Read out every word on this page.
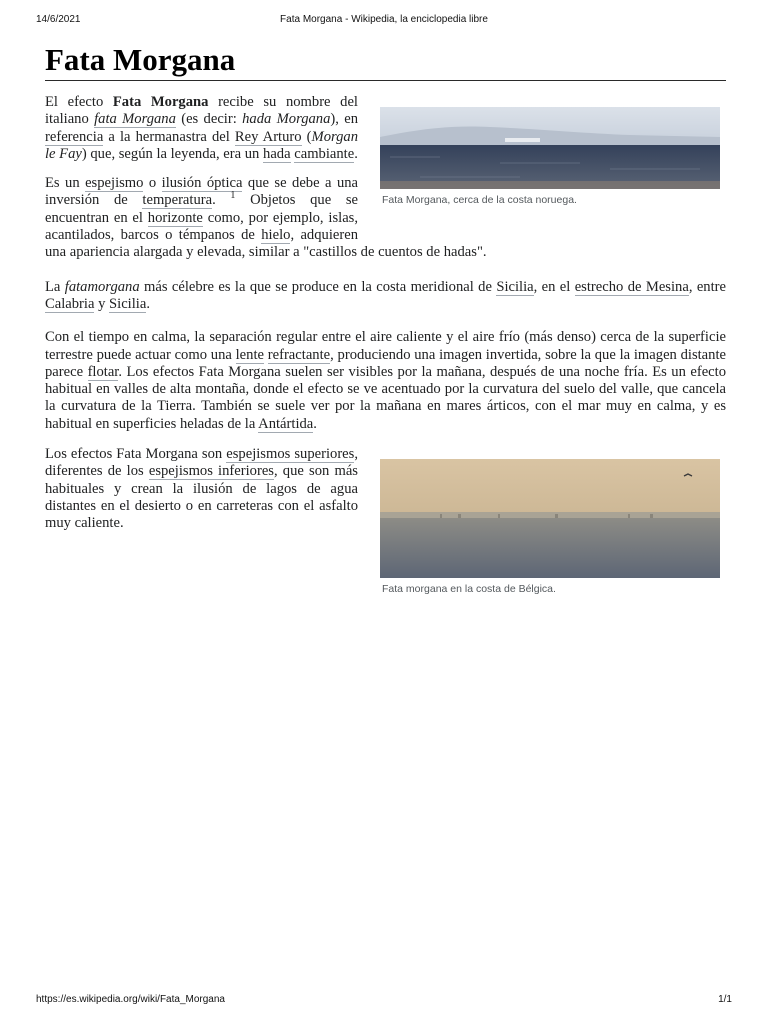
14/6/2021	Fata Morgana - Wikipedia, la enciclopedia libre
Fata Morgana
Fata Morgana, cerca de la costa noruega.

El efecto Fata Morgana recibe su nombre del italiano fata Morgana (es decir: hada Morgana), en referencia a la hermanastra del Rey Arturo (Morgan le Fay) que, según la leyenda, era un hada cambiante.

Es un espejismo o ilusión óptica que se debe a una inversión de temperatura. $^1$ Objetos que se encuentran en el horizonte como, por ejemplo, islas, acantilados, barcos o témpanos de hielo, adquieren una apariencia alargada y elevada, similar a "castillos de cuentos de hadas".

La fatamorgana más célebre es la que se produce en la costa meridional de Sicilia, en el estrecho de Mesina, entre Calabria y Sicilia.

Con el tiempo en calma, la separación regular entre el aire caliente y el aire frío (más denso) cerca de la superficie terrestre puede actuar como una lente refractante, produciendo una imagen invertida, sobre la que la imagen distante parece flotar. Los efectos Fata Morgana suelen ser visibles por la mañana, después de una noche fría. Es un efecto habitual en valles de alta montaña, donde el efecto se ve acentuado por la curvatura del suelo del valle, que cancela la curvatura de la Tierra. También se suele ver por la mañana en mares árticos, con el mar muy en calma, y es habitual en superficies heladas de la Antártida.

Fata morgana en la costa de Bélgica.

Los efectos Fata Morgana son espejismos superiores, diferentes de los espejismos inferiores, que son más habituales y crean la ilusión de lagos de agua distantes en el desierto o en carreteras con el asfalto muy caliente.

https://es.wikipedia.org/wiki/Fata_Morgana	1/1
